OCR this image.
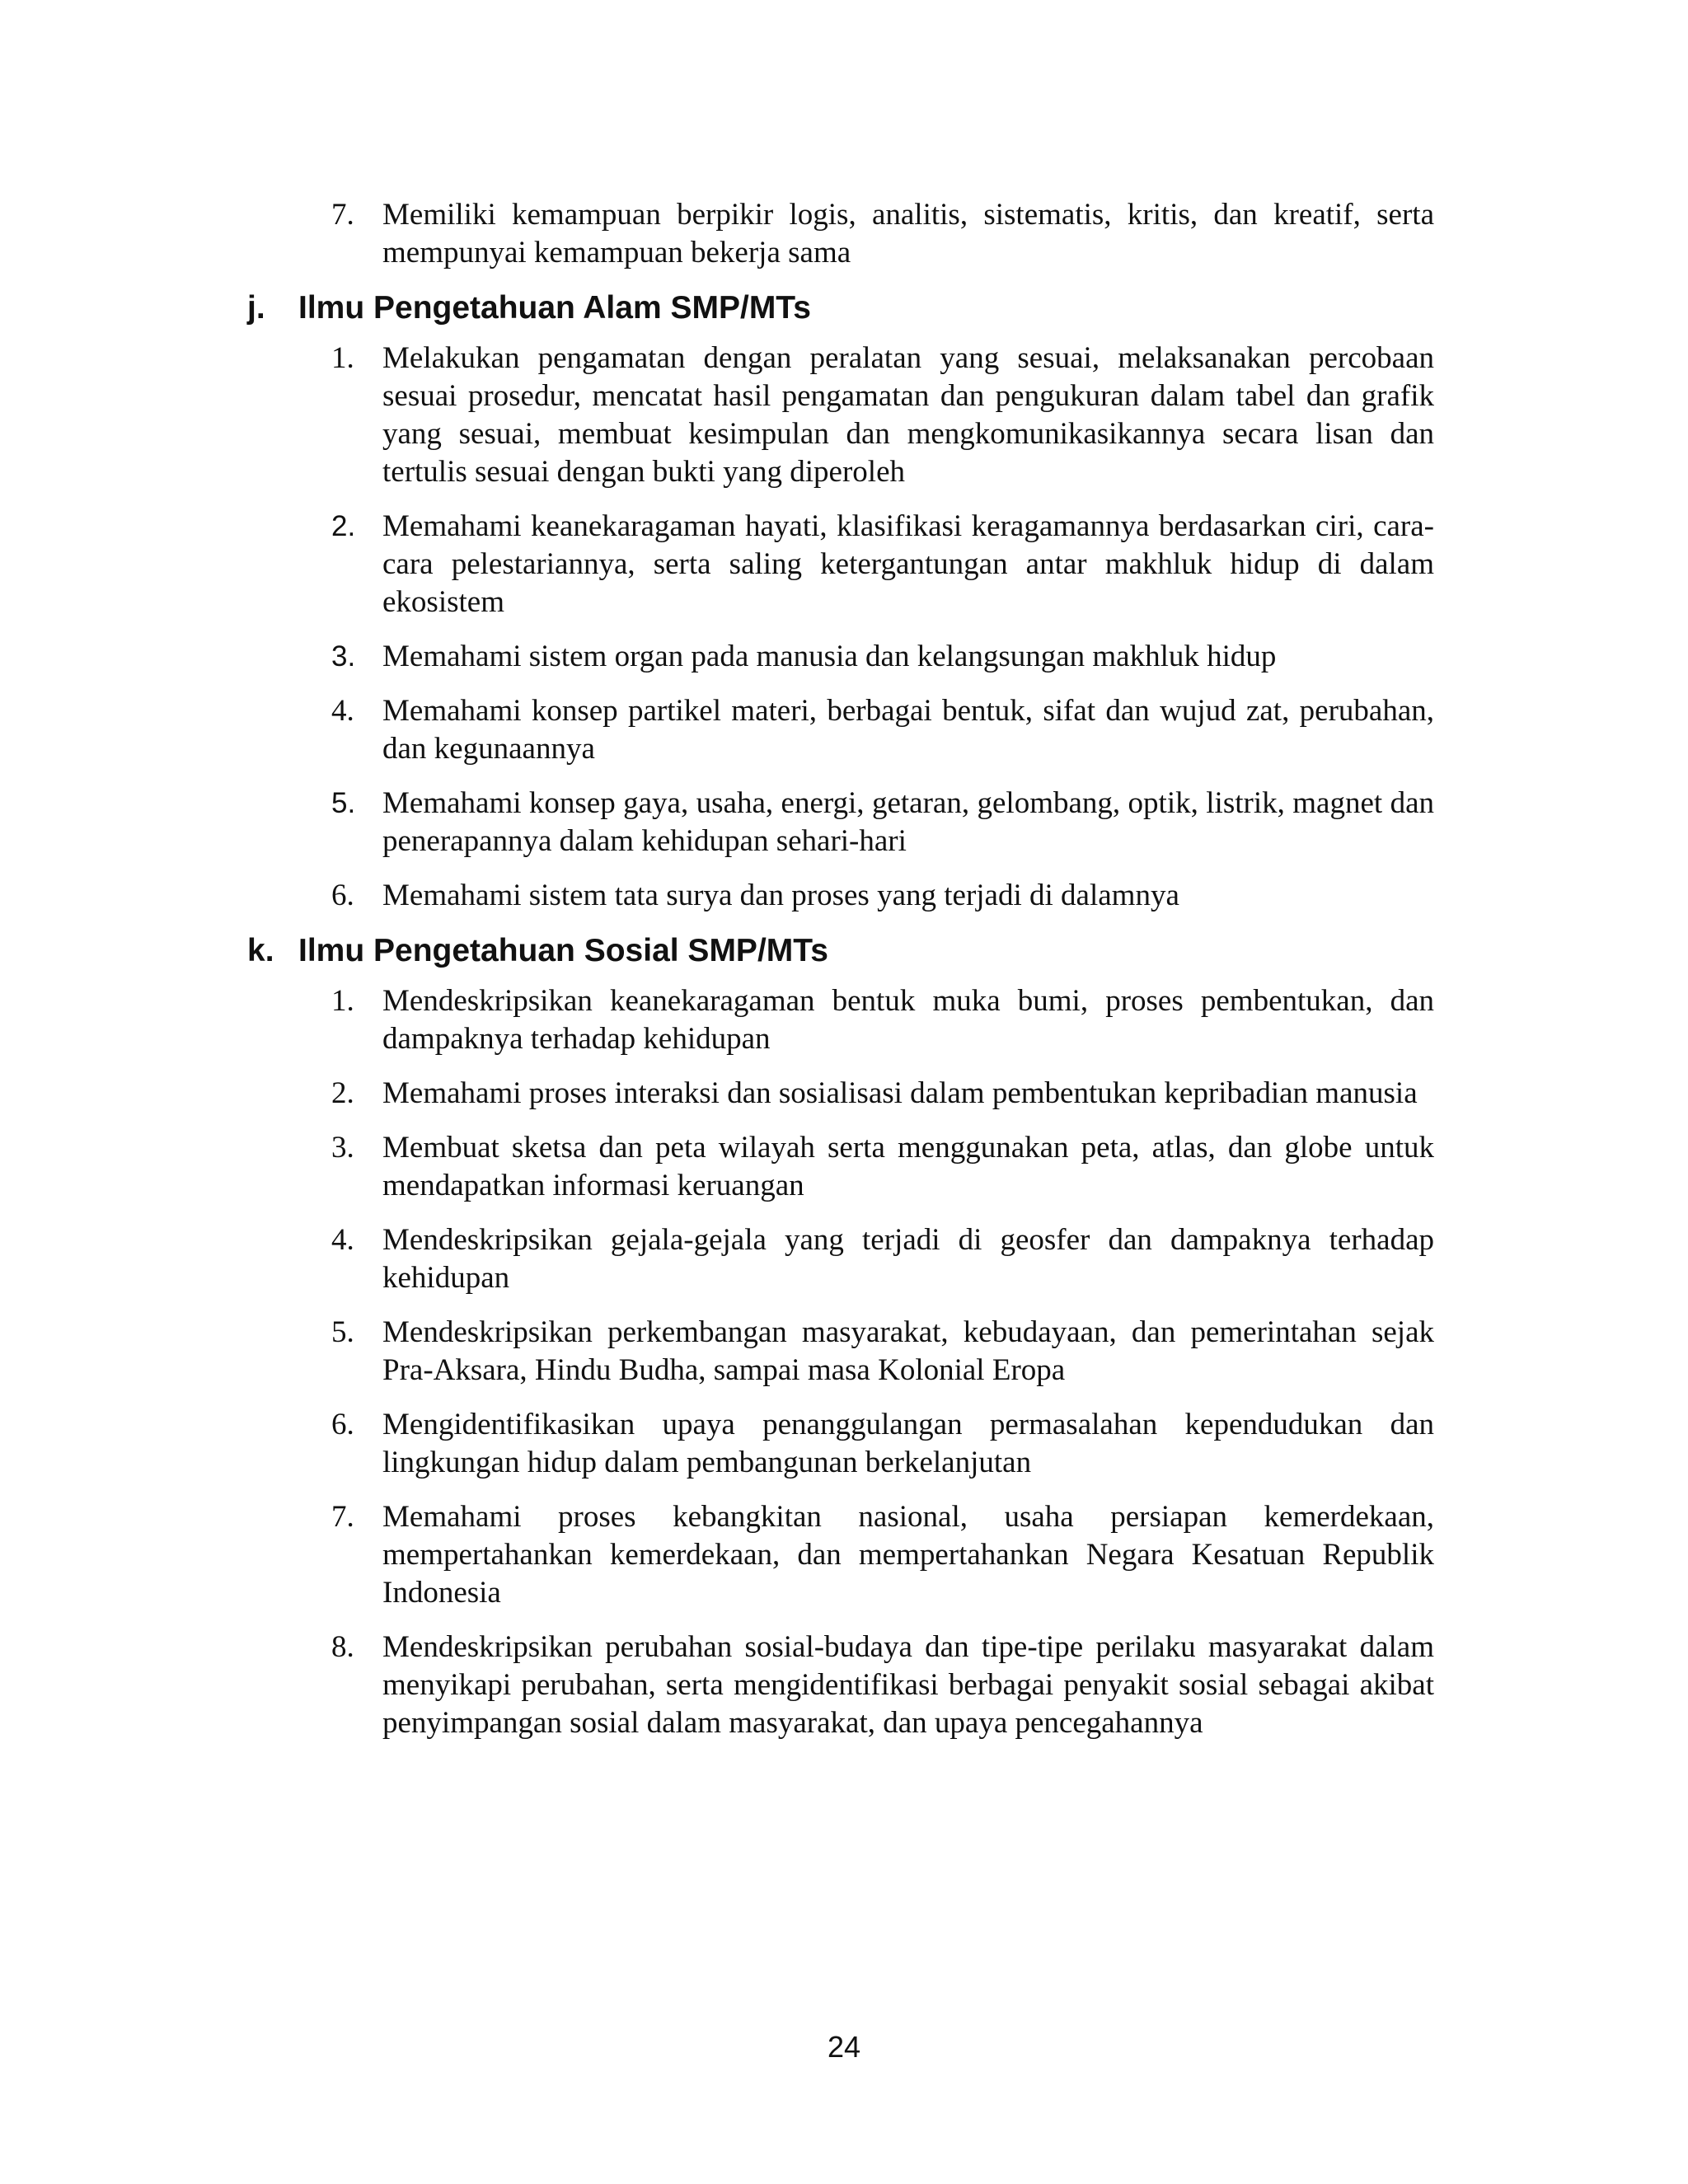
7. Memiliki kemampuan berpikir logis, analitis, sistematis, kritis, dan kreatif, serta mempunyai kemampuan bekerja sama
j. Ilmu Pengetahuan Alam SMP/MTs
1. Melakukan pengamatan dengan peralatan yang sesuai, melaksanakan percobaan sesuai prosedur, mencatat hasil pengamatan dan pengukuran dalam tabel dan grafik yang sesuai, membuat kesimpulan dan mengkomunikasikannya secara lisan dan tertulis sesuai dengan bukti yang diperoleh
2. Memahami keanekaragaman hayati, klasifikasi keragamannya berdasarkan ciri, cara-cara pelestariannya, serta saling ketergantungan antar makhluk hidup di dalam ekosistem
3. Memahami sistem organ pada manusia dan kelangsungan makhluk hidup
4. Memahami konsep partikel materi, berbagai bentuk, sifat dan wujud zat, perubahan, dan kegunaannya
5. Memahami konsep gaya, usaha, energi, getaran, gelombang, optik, listrik, magnet dan penerapannya dalam kehidupan sehari-hari
6. Memahami sistem tata surya dan proses yang terjadi di dalamnya
k. Ilmu Pengetahuan Sosial SMP/MTs
1. Mendeskripsikan keanekaragaman bentuk muka bumi, proses pembentukan, dan dampaknya terhadap kehidupan
2. Memahami proses interaksi dan sosialisasi dalam pembentukan kepribadian manusia
3. Membuat sketsa dan peta wilayah serta menggunakan peta, atlas, dan globe untuk mendapatkan informasi keruangan
4. Mendeskripsikan gejala-gejala yang terjadi di geosfer dan dampaknya terhadap kehidupan
5. Mendeskripsikan perkembangan masyarakat, kebudayaan, dan pemerintahan sejak Pra-Aksara, Hindu Budha, sampai masa Kolonial Eropa
6. Mengidentifikasikan upaya penanggulangan permasalahan kependudukan dan lingkungan hidup dalam pembangunan berkelanjutan
7. Memahami proses kebangkitan nasional, usaha persiapan kemerdekaan, mempertahankan kemerdekaan, dan mempertahankan Negara Kesatuan Republik Indonesia
8. Mendeskripsikan perubahan sosial-budaya dan tipe-tipe perilaku masyarakat dalam menyikapi perubahan, serta mengidentifikasi berbagai penyakit sosial sebagai akibat penyimpangan sosial dalam masyarakat, dan upaya pencegahannya
24
